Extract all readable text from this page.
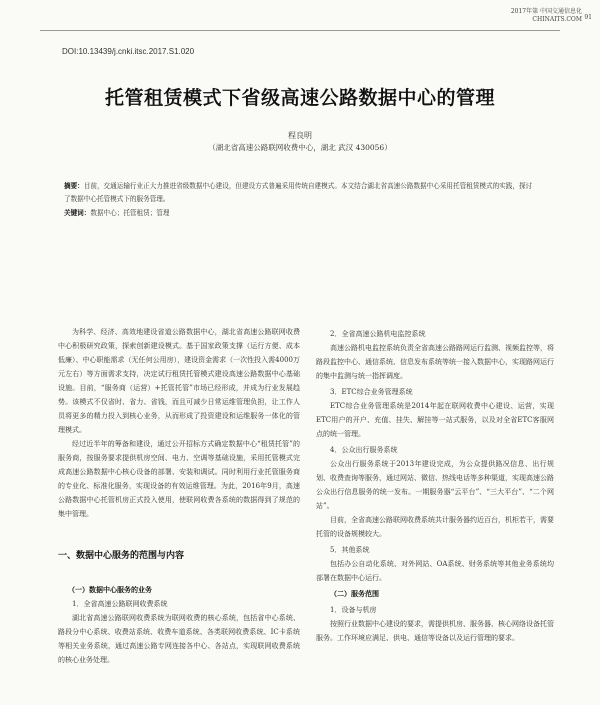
2017年第 中国交通信息化
CHINAITS.COM 91
DOI:10.13439/j.cnki.itsc.2017.S1.020
托管租赁模式下省级高速公路数据中心的管理
程良明
（湖北省高速公路联网收费中心，湖北 武汉 430056）
摘要：目前，交通运输行业正大力推进省级数据中心建设，但建设方式普遍采用传统自建模式。本文结合湖北省高速公路数据中心采用托管租赁模式的实践，探讨了数据中心托管模式下的服务管理。
关键词：数据中心；托管租赁；管理

为科学、经济、高效地建设省道公路数据中心，湖北省高速公路联网收费中心积极研究政策，探索创新建设模式。基于国家政策支撑（运行方便、成本低廉）、中心职能需求（无任何公用房），建设资金需求（一次性投入需4000万元左右）等方面需求支持，决定试行租赁托管模式建设高速公路数据中心基础设施。目前，“服务商（运营）+托管托管”市场已经形成，并成为行业发展趋势。该模式不仅省时、省力、省钱，而且可减少日常运维管理负担，让工作人员将更多的精力投入到核心业务，从而形成了投资建设和运维服务一体化的管理模式。

经过近半年的筹备和建设，通过公开招标方式确定数据中心“租赁托管”的服务商，按服务要求提供机房空间、电力、空调等基础设施，采用托管模式完成高速公路数据中心核心设备的部署、安装和调试。同时利用行业托管服务商的专业化、标准化服务，实现设备的有效运维管理。为此，2016年9月，高速公路数据中心托管机房正式投入使用，使联网收费各系统的数据得到了规范的集中管理。

一、数据中心服务的范围与内容
（一）数据中心服务的业务

1．全省高速公路联网收费系统

湖北省高速公路联网收费系统为联网收费的核心系统，包括省中心系统、路段分中心系统、收费站系统、收费车道系统、各类联网收费系统、IC卡系统等相关业务系统，通过高速公路专网连接各中心、各站点，实现联网收费系统的核心业务处理。

2．全省高速公路机电监控系统

高速公路机电监控系统负责全省高速公路路网运行监测、视频监控等，将路段监控中心、通信系统、信息发布系统等统一接入数据中心，实现路网运行的集中监测与统一指挥调度。

3．ETC综合业务管理系统

ETC综合业务管理系统是2014年起在联网收费中心建设、运营，实现ETC用户的开户、充值、挂失、解挂等一站式服务，以及对全省ETC客服网点的统一管理。

4．公众出行服务系统

公众出行服务系统于2013年建设完成，为公众提供路况信息、出行规划、收费查询等服务，通过网站、微信、热线电话等多种渠道，实现高速公路公众出行信息服务的统一发布。一期服务器“云平台”、“三大平台”、“二个网站”。

目前，全省高速公路联网收费系统共计服务器约近百台，机柜若干，需要托管的设备规模较大。

5．其他系统

包括办公自动化系统、对外网站、OA系统、财务系统等其他业务系统均部署在数据中心运行。

（二）服务范围

1．设备与机房

按照行业数据中心建设的要求，需提供机房、服务器、核心网络设备托管服务。工作环境应满足、供电、通信等设备以及运行管理的要求。
